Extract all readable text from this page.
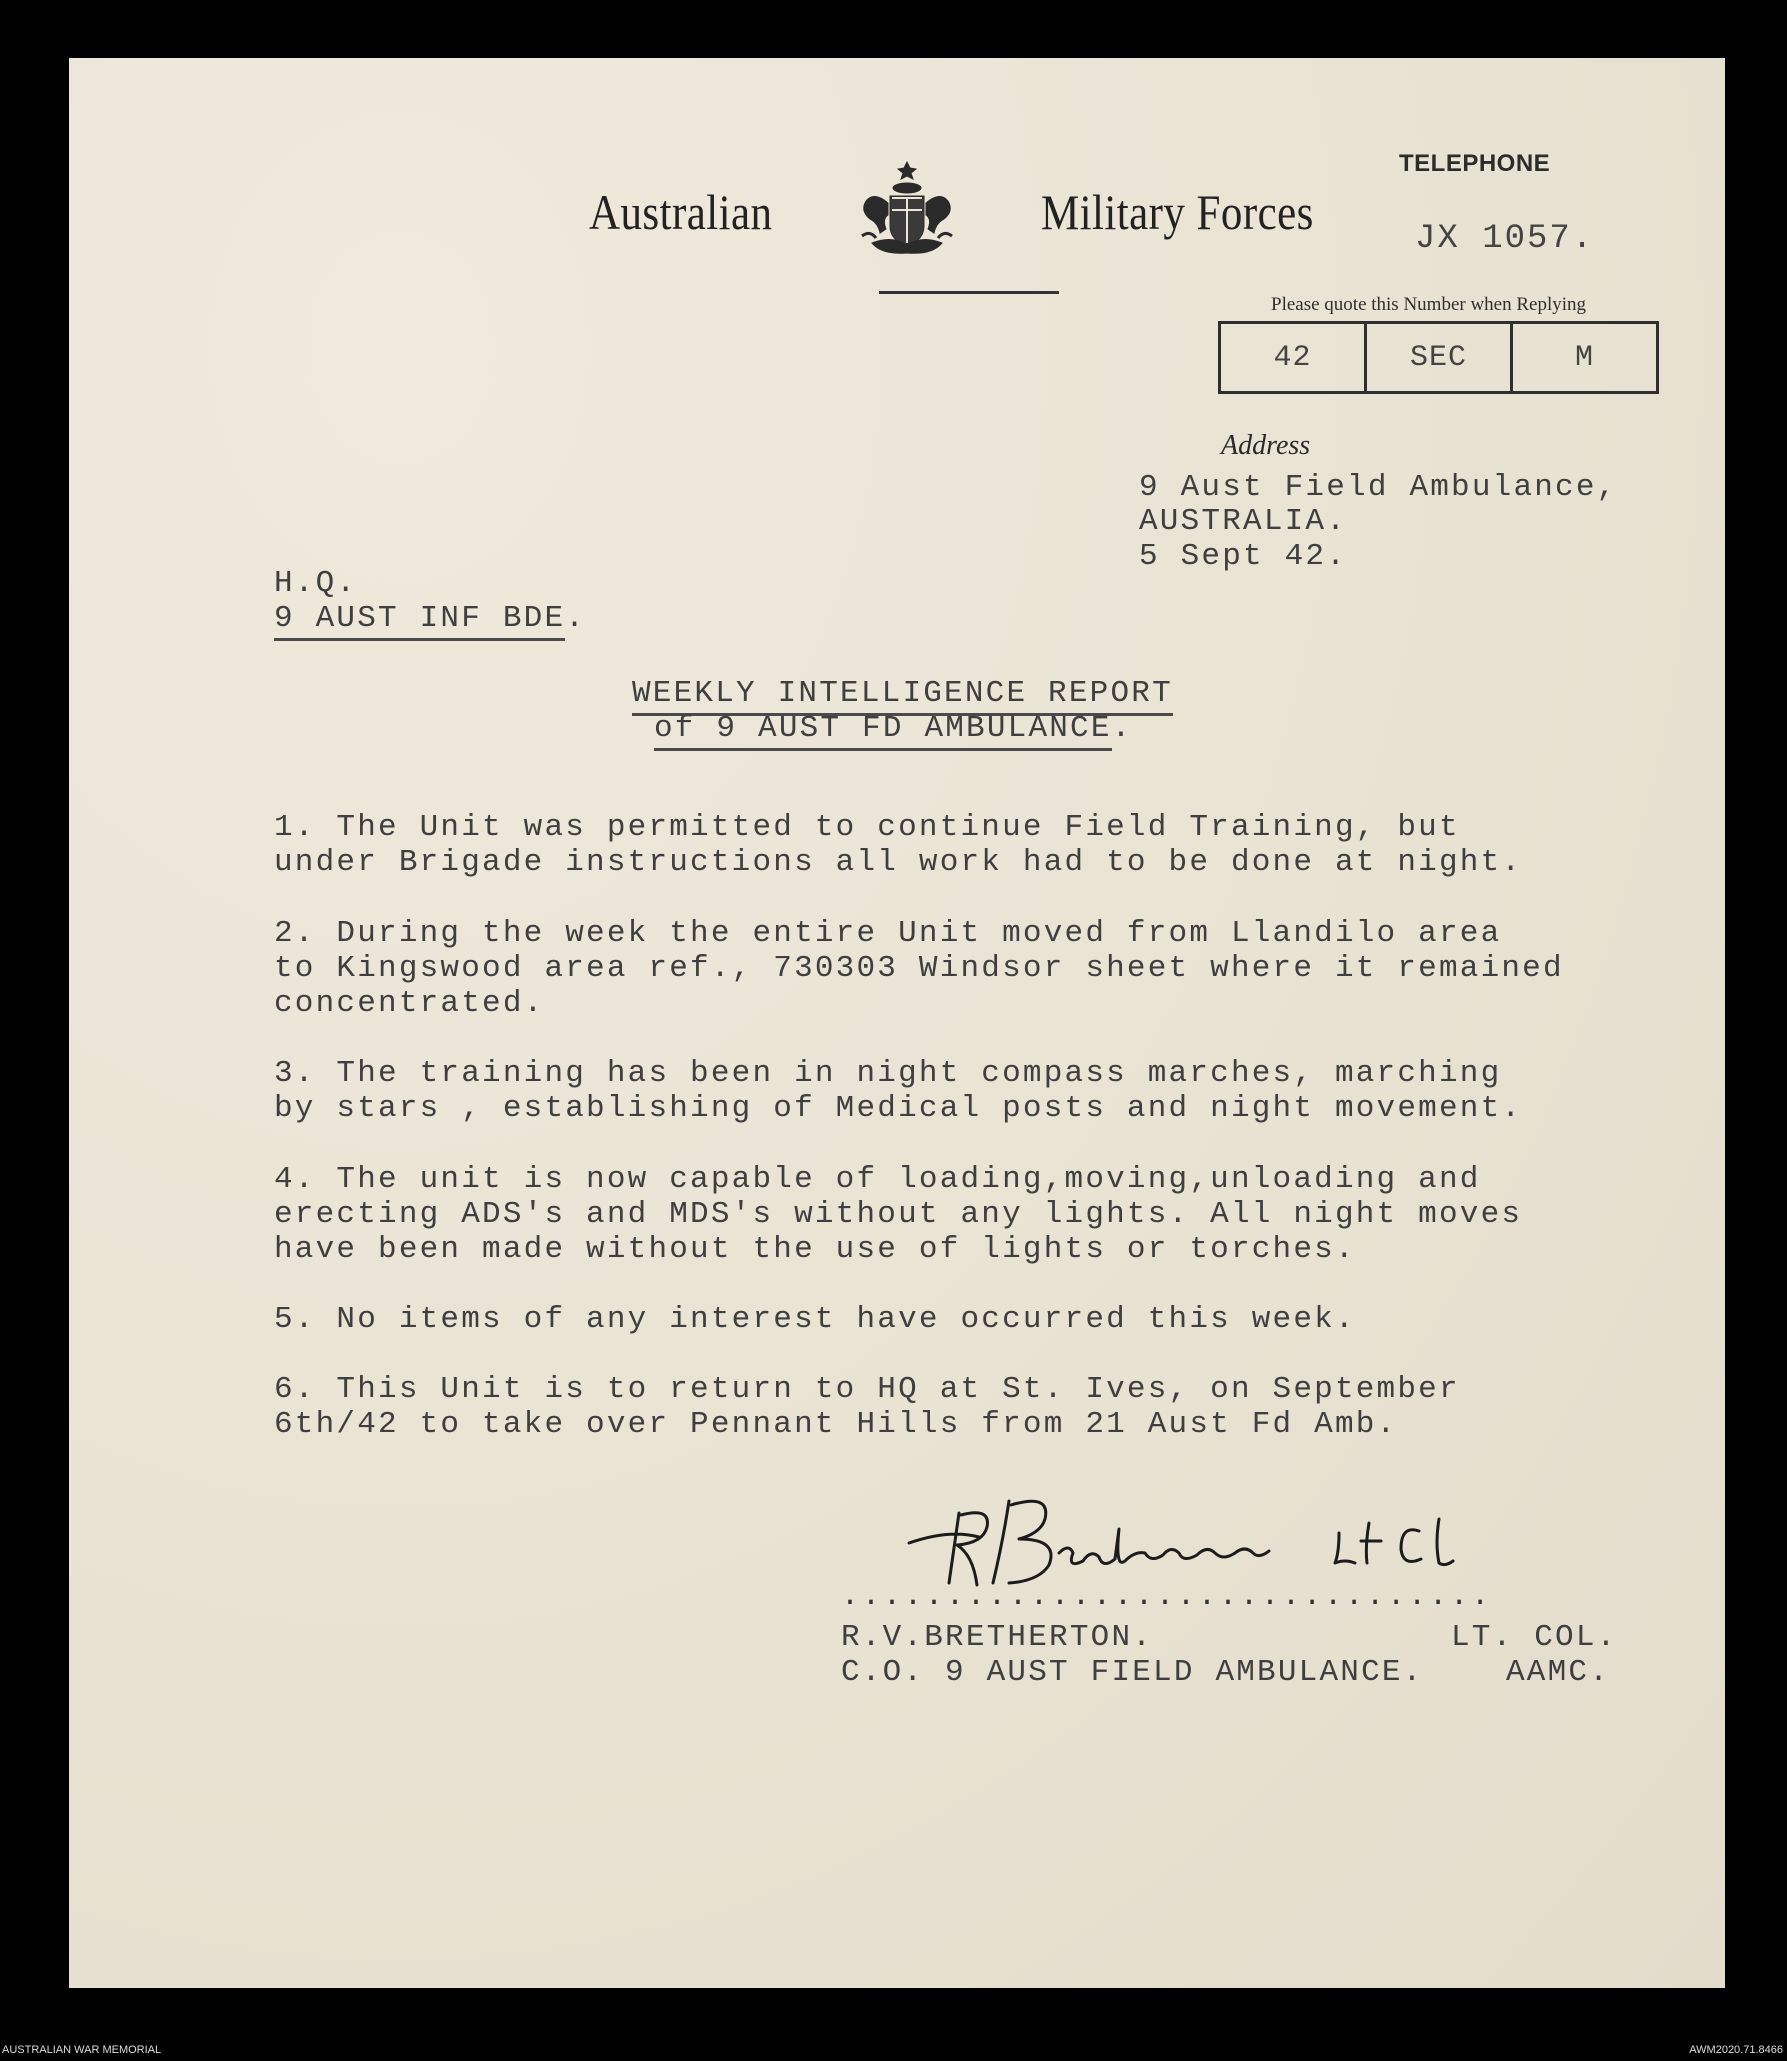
Australian	Military Forces
TELEPHONE
JX 1057.
Please quote this Number when Replying
42	SEC	M
Address
9 Aust Field Ambulance,
AUSTRALIA.
5 Sept 42.
H.Q.
9 AUST INF BDE.
WEEKLY INTELLIGENCE REPORT
of 9 AUST FD AMBULANCE.
1. The Unit was permitted to continue Field Training, but
under Brigade instructions all work had to be done at night.
2. During the week the entire Unit moved from Llandilo area
to Kingswood area ref., 730303 Windsor sheet where it remained
concentrated.
3. The training has been in night compass marches, marching
by stars , establishing of Medical posts and night movement.
4. The unit is now capable of loading,moving,unloading and
erecting ADS's and MDS's without any lights. All night moves
have been made without the use of lights or torches.
5. No items of any interest have occurred this week.
6. This Unit is to return to HQ at St. Ives, on September
6th/42 to take over Pennant Hills from 21 Aust Fd Amb.
...............................
R.V.BRETHERTON.	LT. COL.
C.O. 9 AUST FIELD AMBULANCE.	AAMC.
AUSTRALIAN WAR MEMORIAL	AWM2020.71.8466
